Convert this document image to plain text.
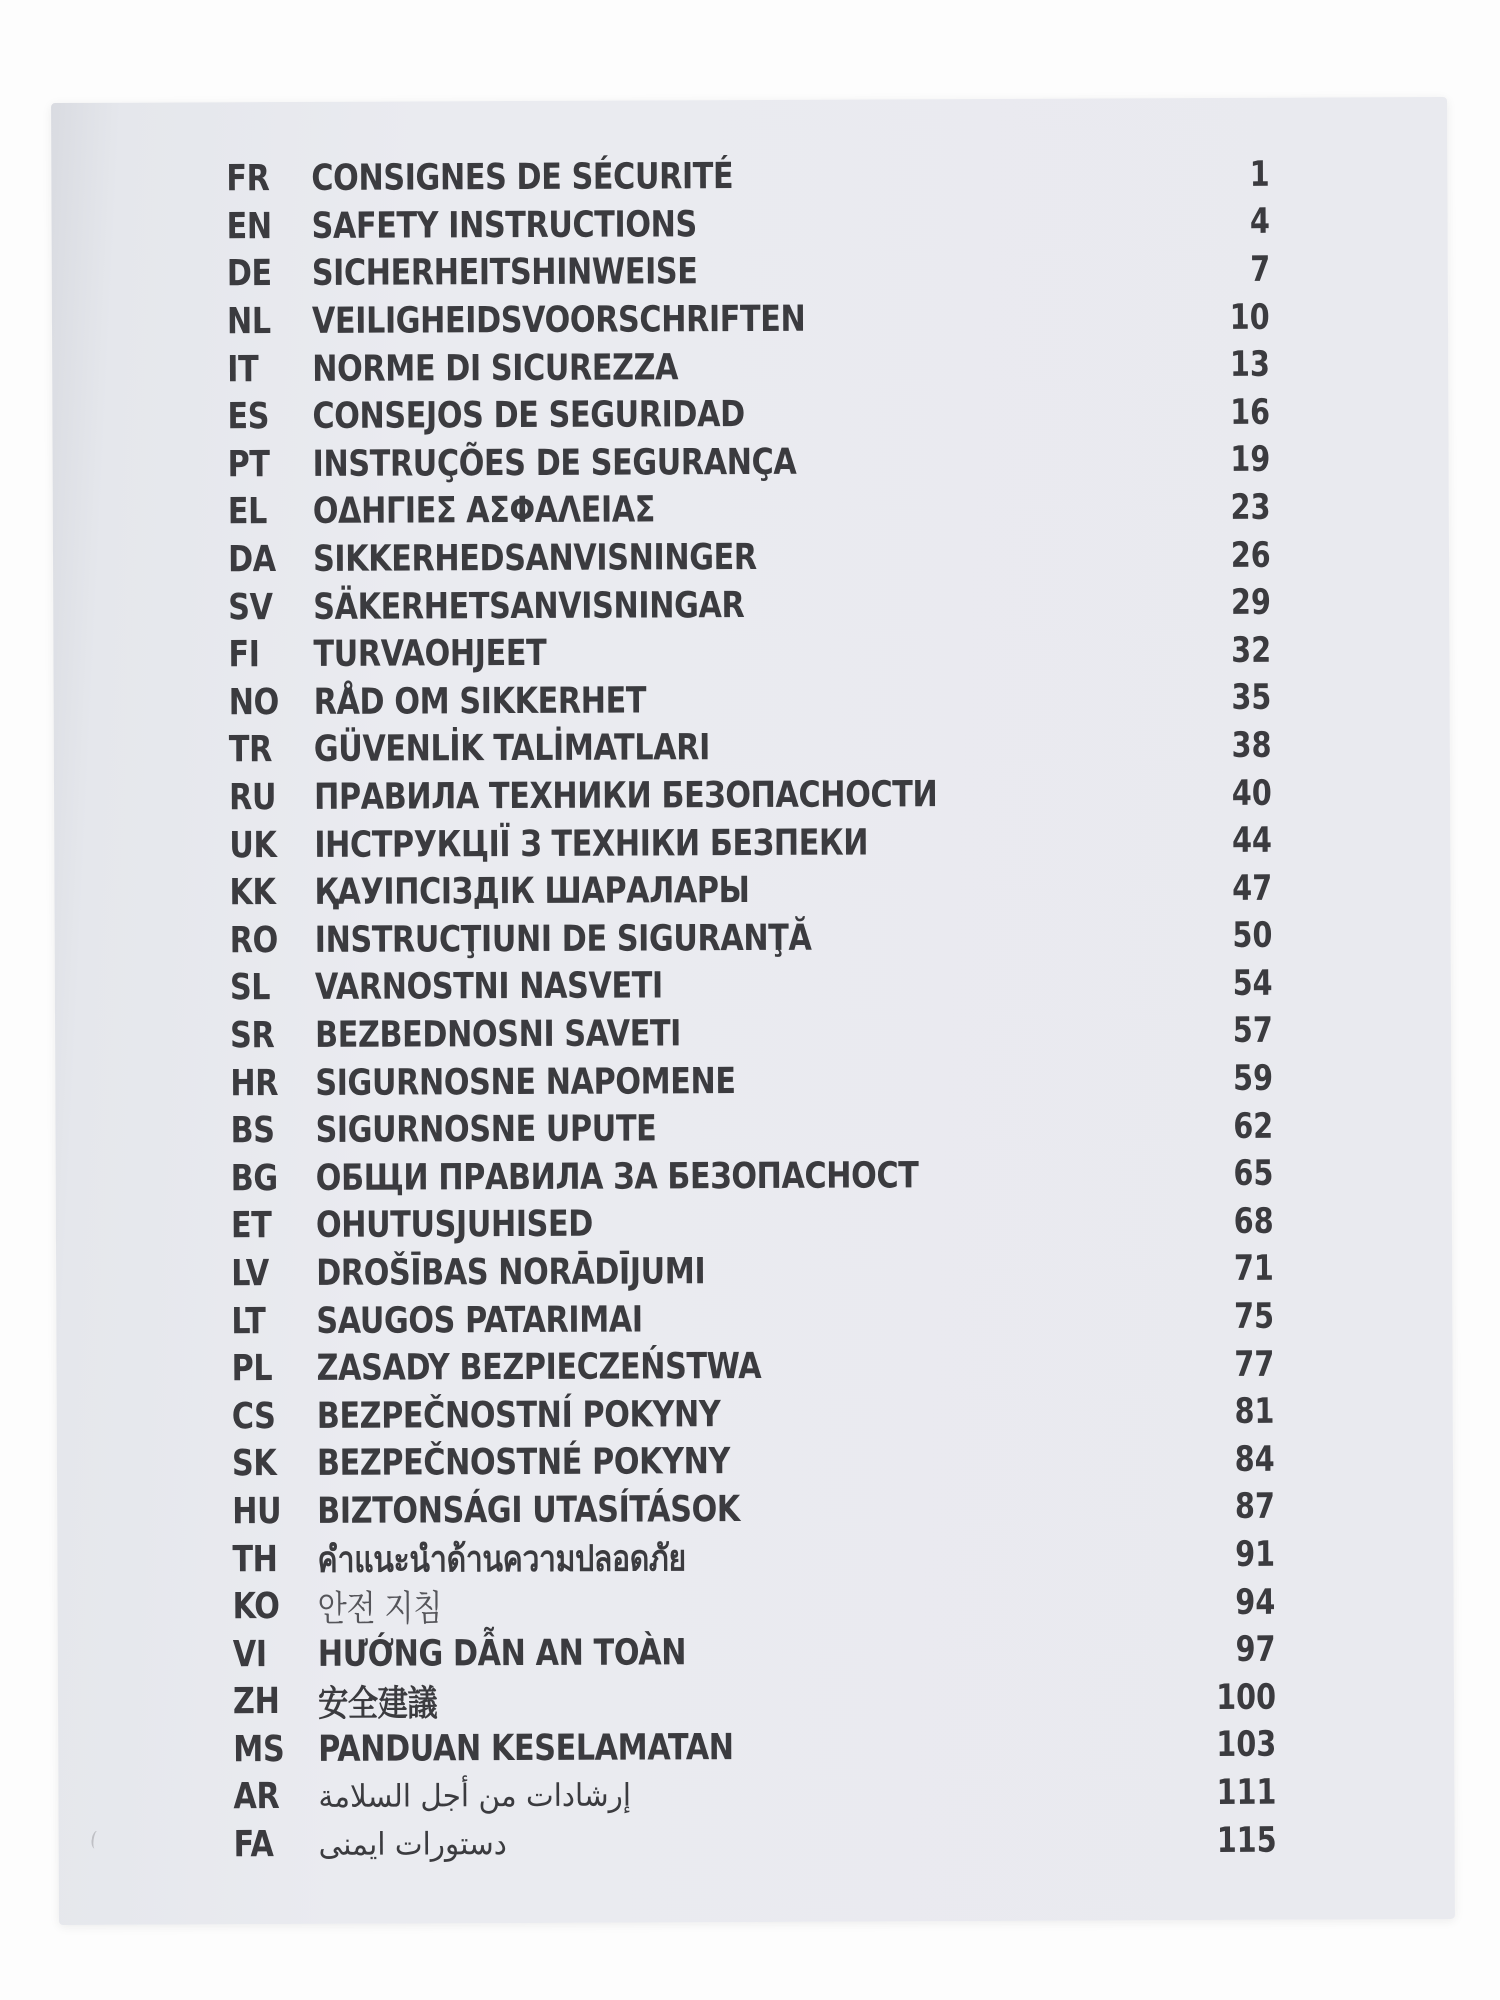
FR	CONSIGNES DE SÉCURITÉ	1
EN	SAFETY INSTRUCTIONS	4
DE	SICHERHEITSHINWEISE	7
NL	VEILIGHEIDSVOORSCHRIFTEN	10
IT	NORME DI SICUREZZA	13
ES	CONSEJOS DE SEGURIDAD	16
PT	INSTRUÇÕES DE SEGURANÇA	19
EL	ΟΔΗΓΙΕΣ ΑΣΦΑΛΕΙΑΣ	23
DA	SIKKERHEDSANVISNINGER	26
SV	SÄKERHETSANVISNINGAR	29
FI	TURVAOHJEET	32
NO RÅD OM SIKKERHET	35
TR	GÜVENLİK TALİMATLARI	38
RU	ПРАВИЛА ТЕХНИКИ БЕЗОПАСНОСТИ	40
UK	ІНСТРУКЦІЇ З ТЕХНІКИ БЕЗПЕКИ	44
KK	ҚАУІПСІЗДІК ШАРАЛАРЫ	47
RO	INSTRUCŢIUNI DE SIGURANŢĂ	50
SL	VARNOSTNI NASVETI	54
SR	BEZBEDNOSNI SAVETI	57
HR	SIGURNOSNE NAPOMENE	59
BS	SIGURNOSNE UPUTE	62
BG	ОБЩИ ПРАВИЛА ЗА БЕЗОПАСНОСТ	65
ET	OHUTUSJUHISED	68
LV	DROŠĪBAS NORĀDĪJUMI	71
LT	SAUGOS PATARIMAI	75
PL	ZASADY BEZPIECZEŃSTWA	77
CS	BEZPEČNOSTNÍ POKYNY	81
SK	BEZPEČNOSTNÉ POKYNY	84
HU BIZTONSÁGI UTASÍTÁSOK	87
TH	คำแนะนำด้านความปลอดภัย	91
KO	안전 지침	94
VI	HƯỚNG DẪN AN TOÀN	97
ZH	安全建議	100
MS PANDUAN KESELAMATAN	103
AR	إرشادات من أجل السلامة	111
FA	دستورات ايمنى	115
